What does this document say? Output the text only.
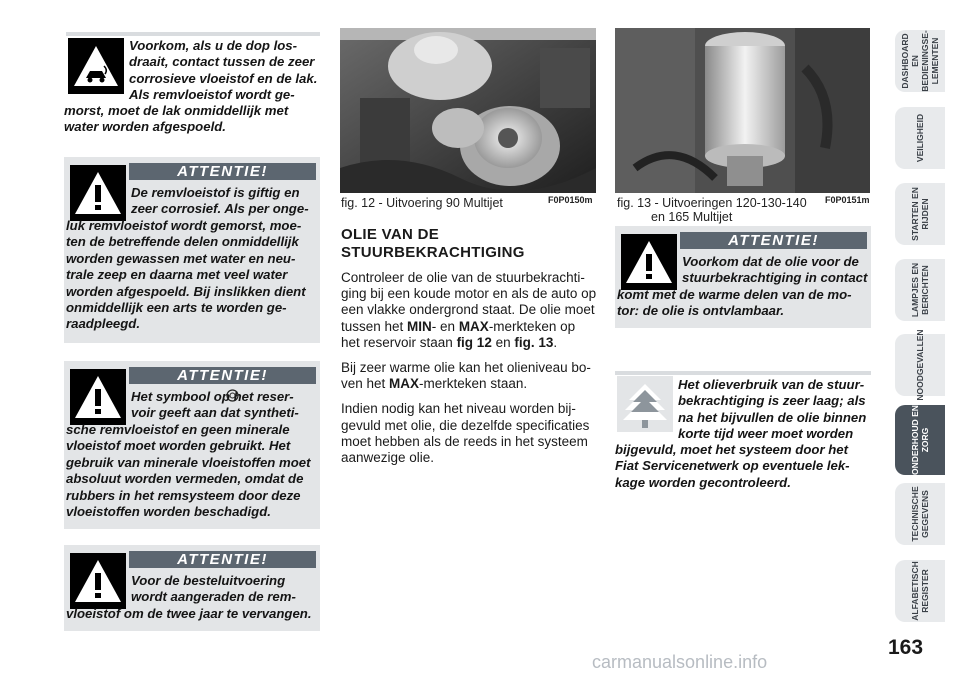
Voorkom, als u de dop los-

draait, contact tussen de zeer

corrosieve vloeistof en de lak.

Als remvloeistof wordt ge-

morst, moet de lak onmiddellijk met

water worden afgespoeld.

ATTENTIE!

De remvloeistof is giftig en

zeer corrosief. Als per onge-

luk remvloeistof wordt gemorst, moe-

ten de betreffende delen onmiddellijk

worden gewassen met water en neu-

trale zeep en daarna met veel water

worden afgespoeld. Bij inslikken dient

onmiddellijk een arts te worden ge-

raadpleegd.

ATTENTIE!

Het symbool op het reser-

voir geeft aan dat syntheti-

sche remvloeistof en geen minerale

vloeistof moet worden gebruikt. Het

gebruik van minerale vloeistoffen moet

absoluut worden vermeden, omdat de

rubbers in het remsysteem door deze

vloeistoffen worden beschadigd.

ATTENTIE!

Voor de besteluitvoering

wordt aangeraden de rem-

vloeistof om de twee jaar te vervangen.

fig. 12 - Uitvoering 90 Multijet	F0P0150m
OLIE VAN DE
STUURBEKRACHTIGING

Controleer de olie van de stuurbekrachti-
ging bij een koude motor en als de auto op
een vlakke ondergrond staat. De olie moet
tussen het MIN- en MAX-merkteken op
het reservoir staan fig 12 en fig. 13.

Bij zeer warme olie kan het olieniveau bo-
ven het MAX-merkteken staan.

Indien nodig kan het niveau worden bij-
gevuld met olie, die dezelfde specificaties
moet hebben als de reeds in het systeem
aanwezige olie.

fig. 13 - Uitvoeringen 120-130-140
en 165 Multijet
F0P0151m
ATTENTIE!

Voorkom dat de olie voor de

stuurbekrachtiging in contact

komt met de warme delen van de mo-

tor: de olie is ontvlambaar.

Het olieverbruik van de stuur-

bekrachtiging is zeer laag; als

na het bijvullen de olie binnen

korte tijd weer moet worden

bijgevuld, moet het systeem door het

Fiat Servicenetwerk op eventuele lek-

kage worden gecontroleerd.

DASHBOARD EN
BEDIENINGSE-
LEMENTEN
VEILIGHEID
STARTEN EN
RIJDEN
LAMPJES EN
BERICHTEN
NOODGEVALLEN
ONDERHOUD EN
ZORG
TECHNISCHE
GEGEVENS
ALFABETISCH
REGISTER
163
carmanualsonline.info
